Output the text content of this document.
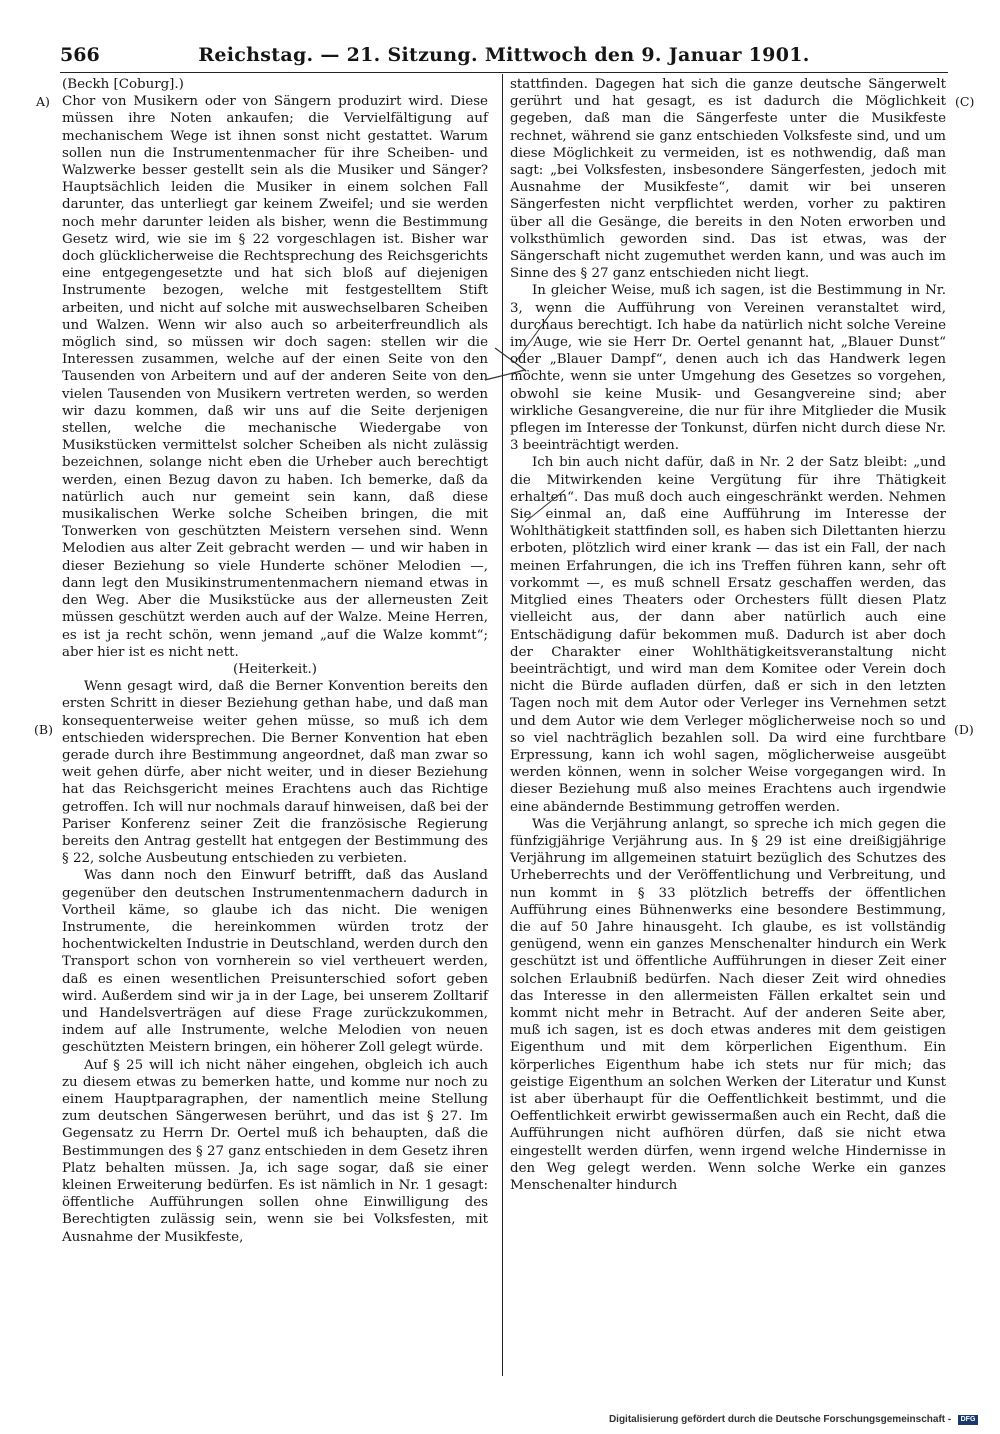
566	Reichstag. — 21. Sitzung. Mittwoch den 9. Januar 1901.
A)
(B)
(C)
(D)

(Beckh [Coburg].)

Chor von Musikern oder von Sängern produzirt wird. Diese müssen ihre Noten ankaufen; die Vervielfältigung auf mechanischem Wege ist ihnen sonst nicht gestattet. Warum sollen nun die Instrumentenmacher für ihre Scheiben- und Walzwerke besser gestellt sein als die Musiker und Sänger? Hauptsächlich leiden die Musiker in einem solchen Fall darunter, das unterliegt gar keinem Zweifel; und sie werden noch mehr darunter leiden als bisher, wenn die Bestimmung Gesetz wird, wie sie im § 22 vorgeschlagen ist. Bisher war doch glücklicherweise die Rechtsprechung des Reichsgerichts eine entgegengesetzte und hat sich bloß auf diejenigen Instrumente bezogen, welche mit festgestelltem Stift arbeiten, und nicht auf solche mit auswechselbaren Scheiben und Walzen. Wenn wir also auch so arbeiterfreundlich als möglich sind, so müssen wir doch sagen: stellen wir die Interessen zusammen, welche auf der einen Seite von den Tausenden von Arbeitern und auf der anderen Seite von den vielen Tausenden von Musikern vertreten werden, so werden wir dazu kommen, daß wir uns auf die Seite derjenigen stellen, welche die mechanische Wiedergabe von Musikstücken vermittelst solcher Scheiben als nicht zulässig bezeichnen, solange nicht eben die Urheber auch berechtigt werden, einen Bezug davon zu haben. Ich bemerke, daß da natürlich auch nur gemeint sein kann, daß diese musikalischen Werke solche Scheiben bringen, die mit Tonwerken von geschützten Meistern versehen sind. Wenn Melodien aus alter Zeit gebracht werden — und wir haben in dieser Beziehung so viele Hunderte schöner Melodien —, dann legt den Musikinstrumentenmachern niemand etwas in den Weg. Aber die Musikstücke aus der allerneusten Zeit müssen geschützt werden auch auf der Walze. Meine Herren, es ist ja recht schön, wenn jemand „auf die Walze kommt“; aber hier ist es nicht nett.

(Heiterkeit.)

Wenn gesagt wird, daß die Berner Konvention bereits den ersten Schritt in dieser Beziehung gethan habe, und daß man konsequenterweise weiter gehen müsse, so muß ich dem entschieden widersprechen. Die Berner Konvention hat eben gerade durch ihre Bestimmung angeordnet, daß man zwar so weit gehen dürfe, aber nicht weiter, und in dieser Beziehung hat das Reichsgericht meines Erachtens auch das Richtige getroffen. Ich will nur nochmals darauf hinweisen, daß bei der Pariser Konferenz seiner Zeit die französische Regierung bereits den Antrag gestellt hat entgegen der Bestimmung des § 22, solche Ausbeutung entschieden zu verbieten.

Was dann noch den Einwurf betrifft, daß das Ausland gegenüber den deutschen Instrumentenmachern dadurch in Vortheil käme, so glaube ich das nicht. Die wenigen Instrumente, die hereinkommen würden trotz der hochentwickelten Industrie in Deutschland, werden durch den Transport schon von vornherein so viel vertheuert werden, daß es einen wesentlichen Preisunterschied sofort geben wird. Außerdem sind wir ja in der Lage, bei unserem Zolltarif und Handelsverträgen auf diese Frage zurückzukommen, indem auf alle Instrumente, welche Melodien von neuen geschützten Meistern bringen, ein höherer Zoll gelegt würde.

Auf § 25 will ich nicht näher eingehen, obgleich ich auch zu diesem etwas zu bemerken hatte, und komme nur noch zu einem Hauptparagraphen, der namentlich meine Stellung zum deutschen Sängerwesen berührt, und das ist § 27. Im Gegensatz zu Herrn Dr. Oertel muß ich behaupten, daß die Bestimmungen des § 27 ganz entschieden in dem Gesetz ihren Platz behalten müssen. Ja, ich sage sogar, daß sie einer kleinen Erweiterung bedürfen. Es ist nämlich in Nr. 1 gesagt: öffentliche Aufführungen sollen ohne Einwilligung des Berechtigten zulässig sein, wenn sie bei Volksfesten, mit Ausnahme der Musikfeste,

stattfinden. Dagegen hat sich die ganze deutsche Sängerwelt gerührt und hat gesagt, es ist dadurch die Möglichkeit gegeben, daß man die Sängerfeste unter die Musikfeste rechnet, während sie ganz entschieden Volksfeste sind, und um diese Möglichkeit zu vermeiden, ist es nothwendig, daß man sagt: „bei Volksfesten, insbesondere Sängerfesten, jedoch mit Ausnahme der Musikfeste“, damit wir bei unseren Sängerfesten nicht verpflichtet werden, vorher zu paktiren über all die Gesänge, die bereits in den Noten erworben und volksthümlich geworden sind. Das ist etwas, was der Sängerschaft nicht zugemuthet werden kann, und was auch im Sinne des § 27 ganz entschieden nicht liegt.

In gleicher Weise, muß ich sagen, ist die Bestimmung in Nr. 3, wenn die Aufführung von Vereinen veranstaltet wird, durchaus berechtigt. Ich habe da natürlich nicht solche Vereine im Auge, wie sie Herr Dr. Oertel genannt hat, „Blauer Dunst“ oder „Blauer Dampf“, denen auch ich das Handwerk legen möchte, wenn sie unter Umgehung des Gesetzes so vorgehen, obwohl sie keine Musik- und Gesangvereine sind; aber wirkliche Gesangvereine, die nur für ihre Mitglieder die Musik pflegen im Interesse der Tonkunst, dürfen nicht durch diese Nr. 3 beeinträchtigt werden.

Ich bin auch nicht dafür, daß in Nr. 2 der Satz bleibt: „und die Mitwirkenden keine Vergütung für ihre Thätigkeit erhalten“. Das muß doch auch eingeschränkt werden. Nehmen Sie einmal an, daß eine Aufführung im Interesse der Wohlthätigkeit stattfinden soll, es haben sich Dilettanten hierzu erboten, plötzlich wird einer krank — das ist ein Fall, der nach meinen Erfahrungen, die ich ins Treffen führen kann, sehr oft vorkommt —, es muß schnell Ersatz geschaffen werden, das Mitglied eines Theaters oder Orchesters füllt diesen Platz vielleicht aus, der dann aber natürlich auch eine Entschädigung dafür bekommen muß. Dadurch ist aber doch der Charakter einer Wohlthätigkeitsveranstaltung nicht beeinträchtigt, und wird man dem Komitee oder Verein doch nicht die Bürde aufladen dürfen, daß er sich in den letzten Tagen noch mit dem Autor oder Verleger ins Vernehmen setzt und dem Autor wie dem Verleger möglicherweise noch so und so viel nachträglich bezahlen soll. Da wird eine furchtbare Erpressung, kann ich wohl sagen, möglicherweise ausgeübt werden können, wenn in solcher Weise vorgegangen wird. In dieser Beziehung muß also meines Erachtens auch irgendwie eine abändernde Bestimmung getroffen werden.

Was die Verjährung anlangt, so spreche ich mich gegen die fünfzigjährige Verjährung aus. In § 29 ist eine dreißigjährige Verjährung im allgemeinen statuirt bezüglich des Schutzes des Urheberrechts und der Veröffentlichung und Verbreitung, und nun kommt in § 33 plötzlich betreffs der öffentlichen Aufführung eines Bühnenwerks eine besondere Bestimmung, die auf 50 Jahre hinausgeht. Ich glaube, es ist vollständig genügend, wenn ein ganzes Menschenalter hindurch ein Werk geschützt ist und öffentliche Aufführungen in dieser Zeit einer solchen Erlaubniß bedürfen. Nach dieser Zeit wird ohnedies das Interesse in den allermeisten Fällen erkaltet sein und kommt nicht mehr in Betracht. Auf der anderen Seite aber, muß ich sagen, ist es doch etwas anderes mit dem geistigen Eigenthum und mit dem körperlichen Eigenthum. Ein körperliches Eigenthum habe ich stets nur für mich; das geistige Eigenthum an solchen Werken der Literatur und Kunst ist aber überhaupt für die Oeffentlichkeit bestimmt, und die Oeffentlichkeit erwirbt gewissermaßen auch ein Recht, daß die Aufführungen nicht aufhören dürfen, daß sie nicht etwa eingestellt werden dürfen, wenn irgend welche Hindernisse in den Weg gelegt werden. Wenn solche Werke ein ganzes Menschenalter hindurch

Digitalisierung gefördert durch die Deutsche Forschungsgemeinschaft - DFG
